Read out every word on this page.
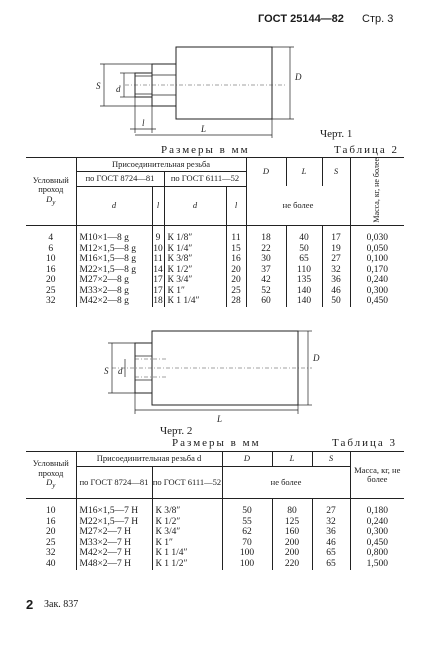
ГОСТ 25144—82 Стр. 3
S d
D
l
L	Черт. 1
Размеры в мм	Таблица 2
Условный проход
$D_у$	Присоединительная резьба				D	L	S	Масса, кг, не более
	по ГОСТ 8724—81		по ГОСТ 6111—52					
	d	l	d	l	не более			
4	М10×1—8 g	9	К 1/8″	11	18	40	17	0,030
6	М12×1,5—8 g	10	К 1/4″	15	22	50	19	0,050
10	М16×1,5—8 g	11	К 3/8″	16	30	65	27	0,100
16	М22×1,5—8 g	14	К 1/2″	20	37	110	32	0,170
20	М27×2—8 g	17	К 3/4″	20	42	135	36	0,240
25	М33×2—8 g	17	К 1″	25	52	140	46	0,300
32	М42×2—8 g	18	К 1 1/4″	28	60	140	50	0,450
S d
D
L
Черт. 2
Размеры в мм	Таблица 3
Условный проход
$D_у$	Присоединительная резьба d		D	L	S	Масса, кг, не более
	по ГОСТ 8724—81	по ГОСТ 6111—52	не более			
10	М16×1,5—7 Н	К 3/8″	50	80	27	0,180
16	М22×1,5—7 Н	К 1/2″	55	125	32	0,240
20	М27×2—7 Н	К 3/4″	62	160	36	0,300
25	М33×2—7 Н	К 1″	70	200	46	0,450
32	М42×2—7 Н	К 1 1/4″	100	200	65	0,800
40	М48×2—7 Н	К 1 1/2″	100	220	65	1,500
2 Зак. 837
